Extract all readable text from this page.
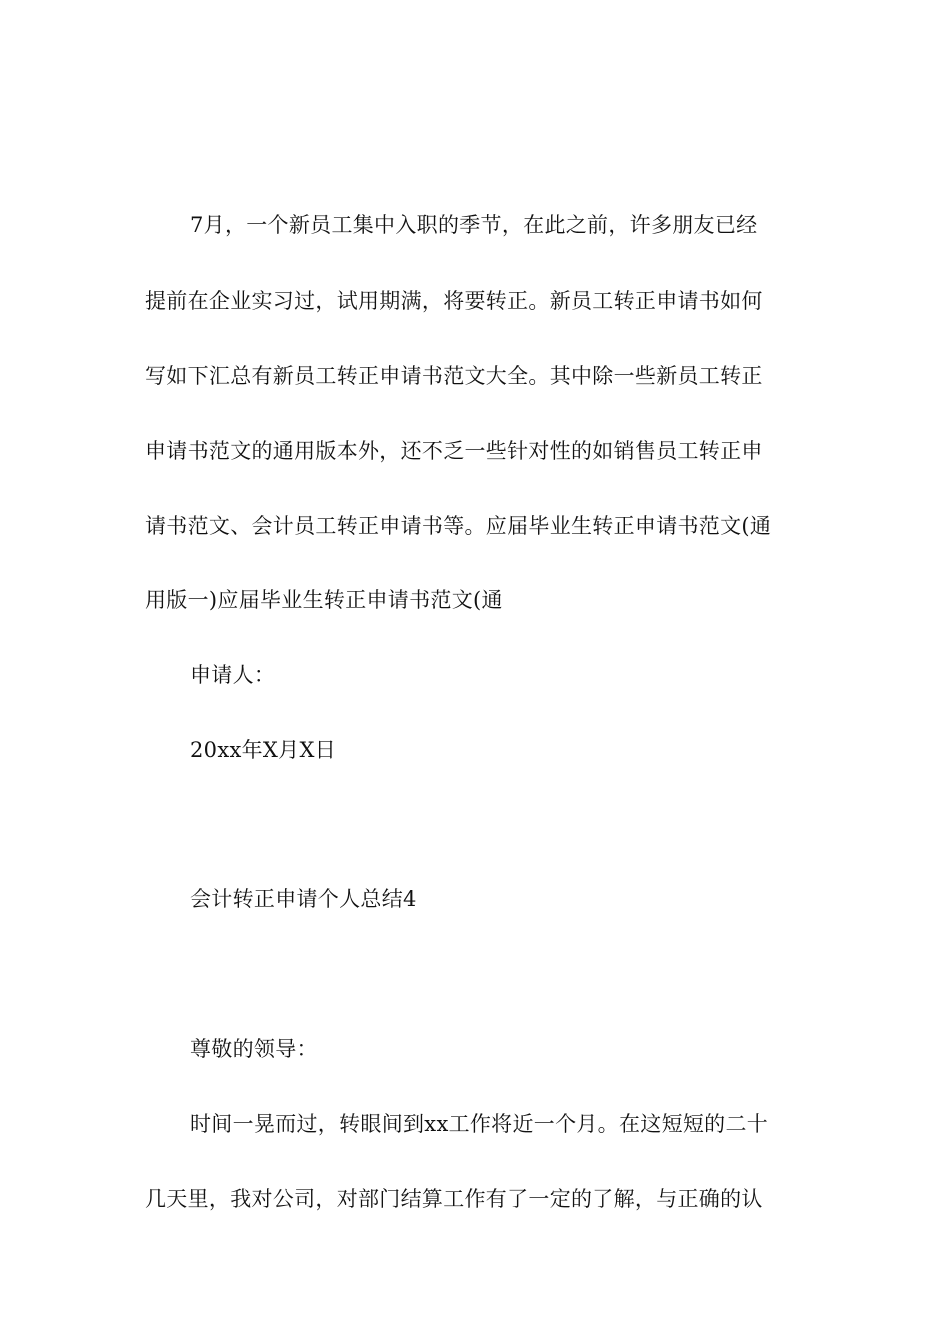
7月，一个新员工集中入职的季节，在此之前，许多朋友已经
提前在企业实习过，试用期满，将要转正。新员工转正申请书如何
写如下汇总有新员工转正申请书范文大全。其中除一些新员工转正
申请书范文的通用版本外，还不乏一些针对性的如销售员工转正申
请书范文、会计员工转正申请书等。应届毕业生转正申请书范文(通
用版一)应届毕业生转正申请书范文(通
申请人：
20xx年X月X日
会计转正申请个人总结4
尊敬的领导：
时间一晃而过，转眼间到xx工作将近一个月。在这短短的二十
几天里，我对公司，对部门结算工作有了一定的了解，与正确的认
